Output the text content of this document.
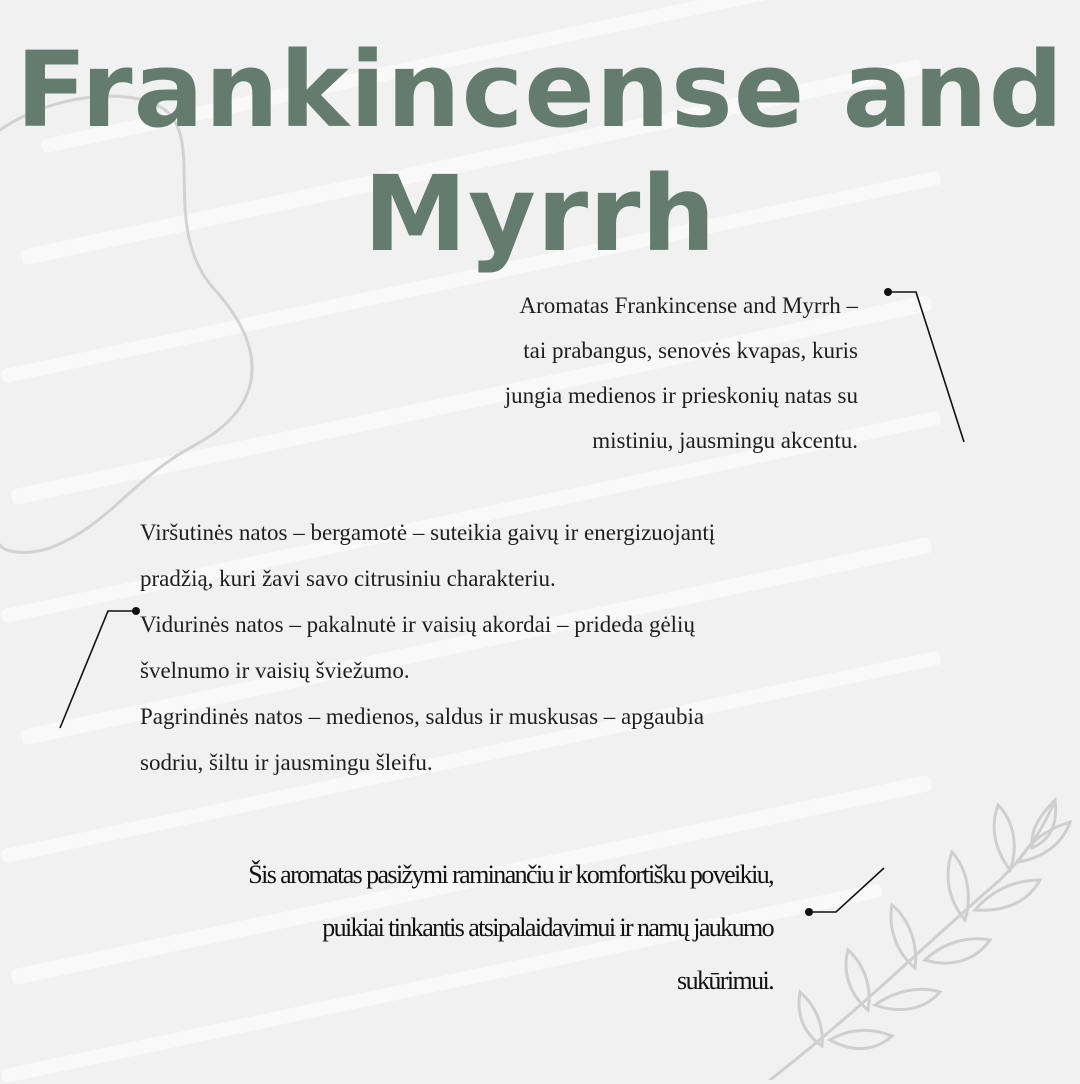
Frankincense and
Myrrh

Aromatas Frankincense and Myrrh –

tai prabangus, senovės kvapas, kuris

jungia medienos ir prieskonių natas su

mistiniu, jausmingu akcentu.

Viršutinės natos – bergamotė – suteikia gaivų ir energizuojantį

pradžią, kuri žavi savo citrusiniu charakteriu.

Vidurinės natos – pakalnutė ir vaisių akordai – prideda gėlių

švelnumo ir vaisių šviežumo.

Pagrindinės natos – medienos, saldus ir muskusas – apgaubia

sodriu, šiltu ir jausmingu šleifu.

Šis aromatas pasižymi raminančiu ir komfortišku poveikiu,

puikiai tinkantis atsipalaidavimui ir namų jaukumo

sukūrimui.
